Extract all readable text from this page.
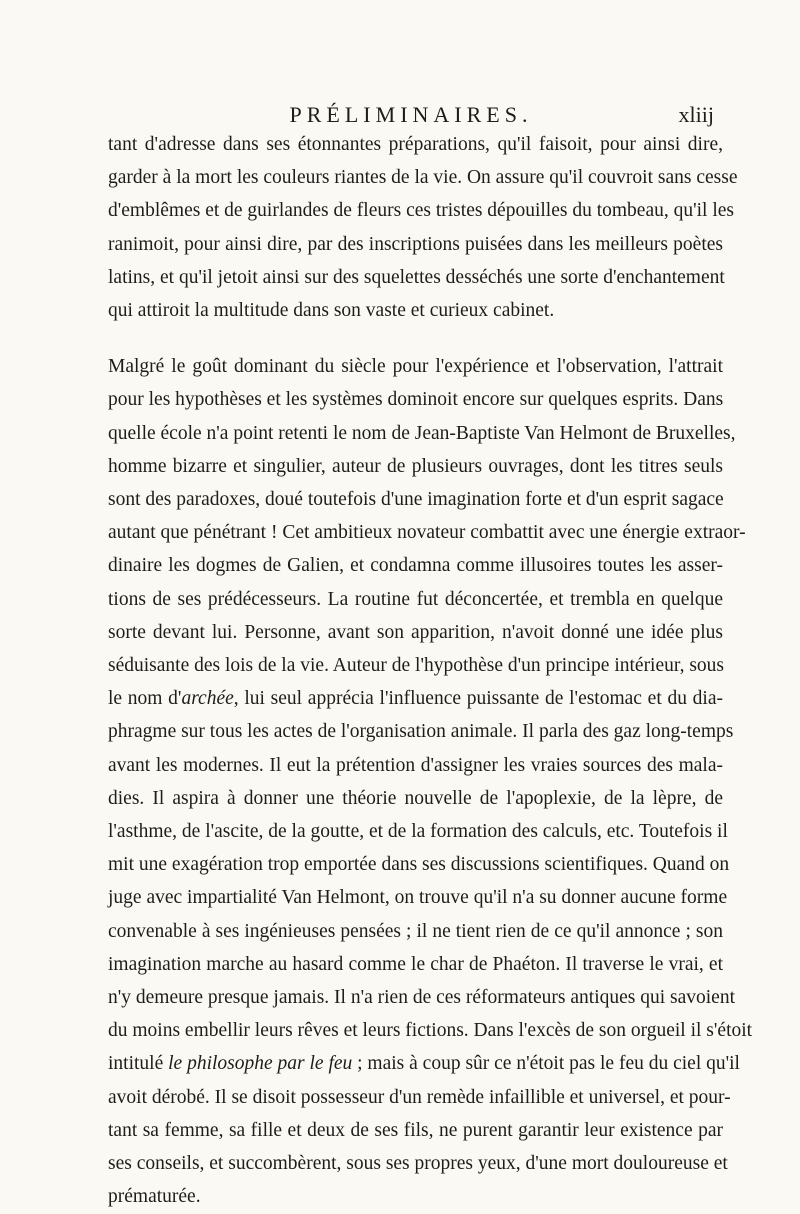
PRÉLIMINAIRES.	xliij
tant d'adresse dans ses étonnantes préparations, qu'il faisoit, pour ainsi dire,
garder à la mort les couleurs riantes de la vie. On assure qu'il couvroit sans cesse
d'emblêmes et de guirlandes de fleurs ces tristes dépouilles du tombeau, qu'il les
ranimoit, pour ainsi dire, par des inscriptions puisées dans les meilleurs poètes
latins, et qu'il jetoit ainsi sur des squelettes desséchés une sorte d'enchantement
qui attiroit la multitude dans son vaste et curieux cabinet.
Malgré le goût dominant du siècle pour l'expérience et l'observation, l'attrait
pour les hypothèses et les systèmes dominoit encore sur quelques esprits. Dans
quelle école n'a point retenti le nom de Jean-Baptiste Van Helmont de Bruxelles,
homme bizarre et singulier, auteur de plusieurs ouvrages, dont les titres seuls
sont des paradoxes, doué toutefois d'une imagination forte et d'un esprit sagace
autant que pénétrant ! Cet ambitieux novateur combattit avec une énergie extraor-
dinaire les dogmes de Galien, et condamna comme illusoires toutes les asser-
tions de ses prédécesseurs. La routine fut déconcertée, et trembla en quelque
sorte devant lui. Personne, avant son apparition, n'avoit donné une idée plus
séduisante des lois de la vie. Auteur de l'hypothèse d'un principe intérieur, sous
le nom d'archée, lui seul apprécia l'influence puissante de l'estomac et du dia-
phragme sur tous les actes de l'organisation animale. Il parla des gaz long-temps
avant les modernes. Il eut la prétention d'assigner les vraies sources des mala-
dies. Il aspira à donner une théorie nouvelle de l'apoplexie, de la lèpre, de
l'asthme, de l'ascite, de la goutte, et de la formation des calculs, etc. Toutefois il
mit une exagération trop emportée dans ses discussions scientifiques. Quand on
juge avec impartialité Van Helmont, on trouve qu'il n'a su donner aucune forme
convenable à ses ingénieuses pensées ; il ne tient rien de ce qu'il annonce ; son
imagination marche au hasard comme le char de Phaéton. Il traverse le vrai, et
n'y demeure presque jamais. Il n'a rien de ces réformateurs antiques qui savoient
du moins embellir leurs rêves et leurs fictions. Dans l'excès de son orgueil il s'étoit
intitulé le philosophe par le feu ; mais à coup sûr ce n'étoit pas le feu du ciel qu'il
avoit dérobé. Il se disoit possesseur d'un remède infaillible et universel, et pour-
tant sa femme, sa fille et deux de ses fils, ne purent garantir leur existence par
ses conseils, et succombèrent, sous ses propres yeux, d'une mort douloureuse et
prématurée.
